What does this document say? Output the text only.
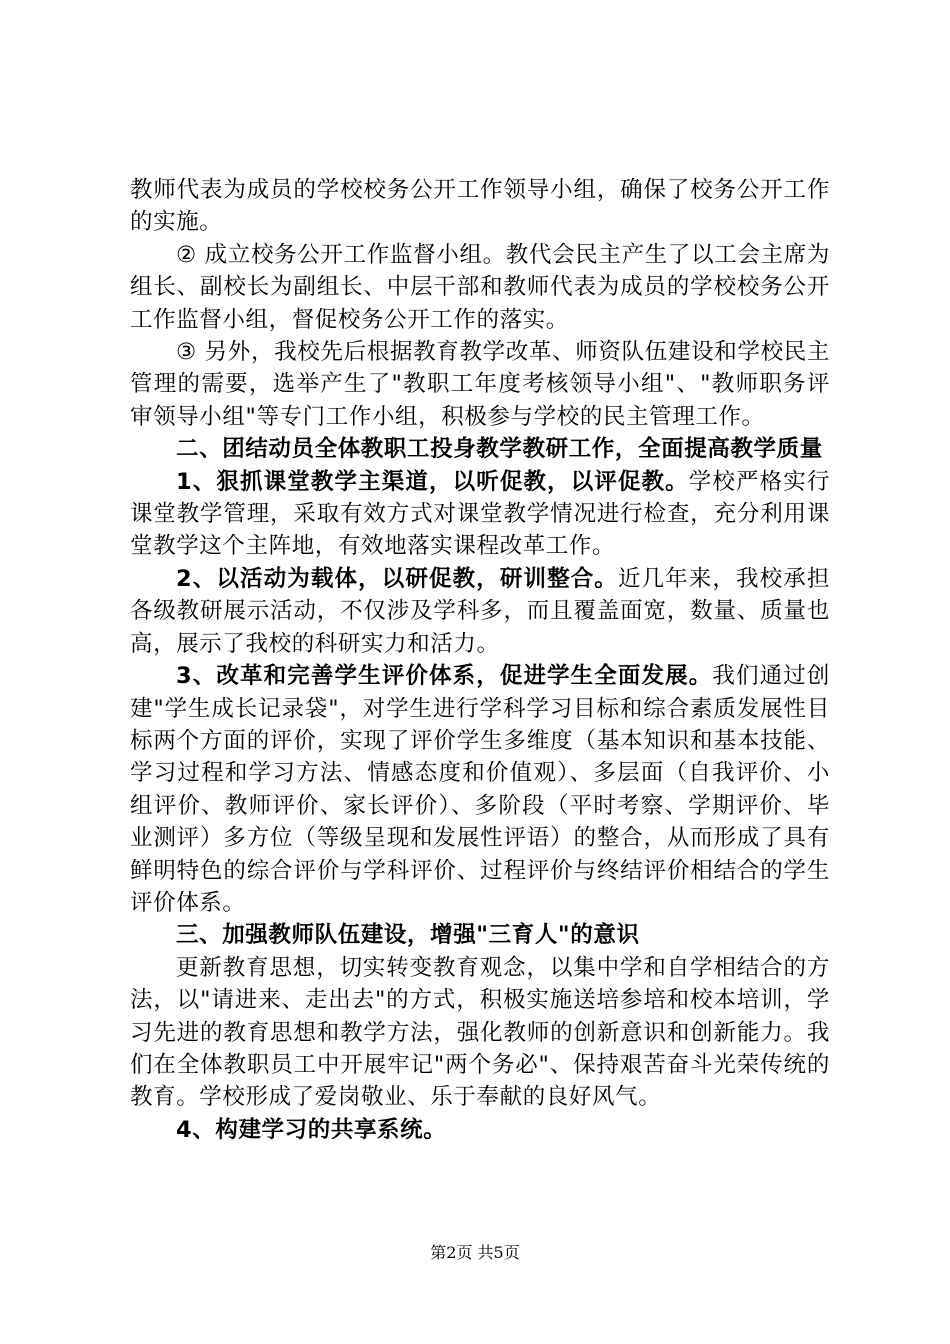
教师代表为成员的学校校务公开工作领导小组，确保了校务公开工作的实施。

② 成立校务公开工作监督小组。教代会民主产生了以工会主席为组长、副校长为副组长、中层干部和教师代表为成员的学校校务公开工作监督小组，督促校务公开工作的落实。

③ 另外，我校先后根据教育教学改革、师资队伍建设和学校民主管理的需要，选举产生了"教职工年度考核领导小组"、"教师职务评审领导小组"等专门工作小组，积极参与学校的民主管理工作。

二、团结动员全体教职工投身教学教研工作，全面提高教学质量

1、狠抓课堂教学主渠道，以听促教，以评促教。学校严格实行课堂教学管理，采取有效方式对课堂教学情况进行检查，充分利用课堂教学这个主阵地，有效地落实课程改革工作。

2、以活动为载体，以研促教，研训整合。近几年来，我校承担各级教研展示活动，不仅涉及学科多，而且覆盖面宽，数量、质量也高，展示了我校的科研实力和活力。

3、改革和完善学生评价体系，促进学生全面发展。我们通过创建"学生成长记录袋"，对学生进行学科学习目标和综合素质发展性目标两个方面的评价，实现了评价学生多维度（基本知识和基本技能、学习过程和学习方法、情感态度和价值观）、多层面（自我评价、小组评价、教师评价、家长评价）、多阶段（平时考察、学期评价、毕业测评）多方位（等级呈现和发展性评语）的整合，从而形成了具有鲜明特色的综合评价与学科评价、过程评价与终结评价相结合的学生评价体系。

三、加强教师队伍建设，增强"三育人"的意识

更新教育思想，切实转变教育观念，以集中学和自学相结合的方法，以"请进来、走出去"的方式，积极实施送培参培和校本培训，学习先进的教育思想和教学方法，强化教师的创新意识和创新能力。我们在全体教职员工中开展牢记"两个务必"、保持艰苦奋斗光荣传统的教育。学校形成了爱岗敬业、乐于奉献的良好风气。

4、构建学习的共享系统。

第2页 共5页
